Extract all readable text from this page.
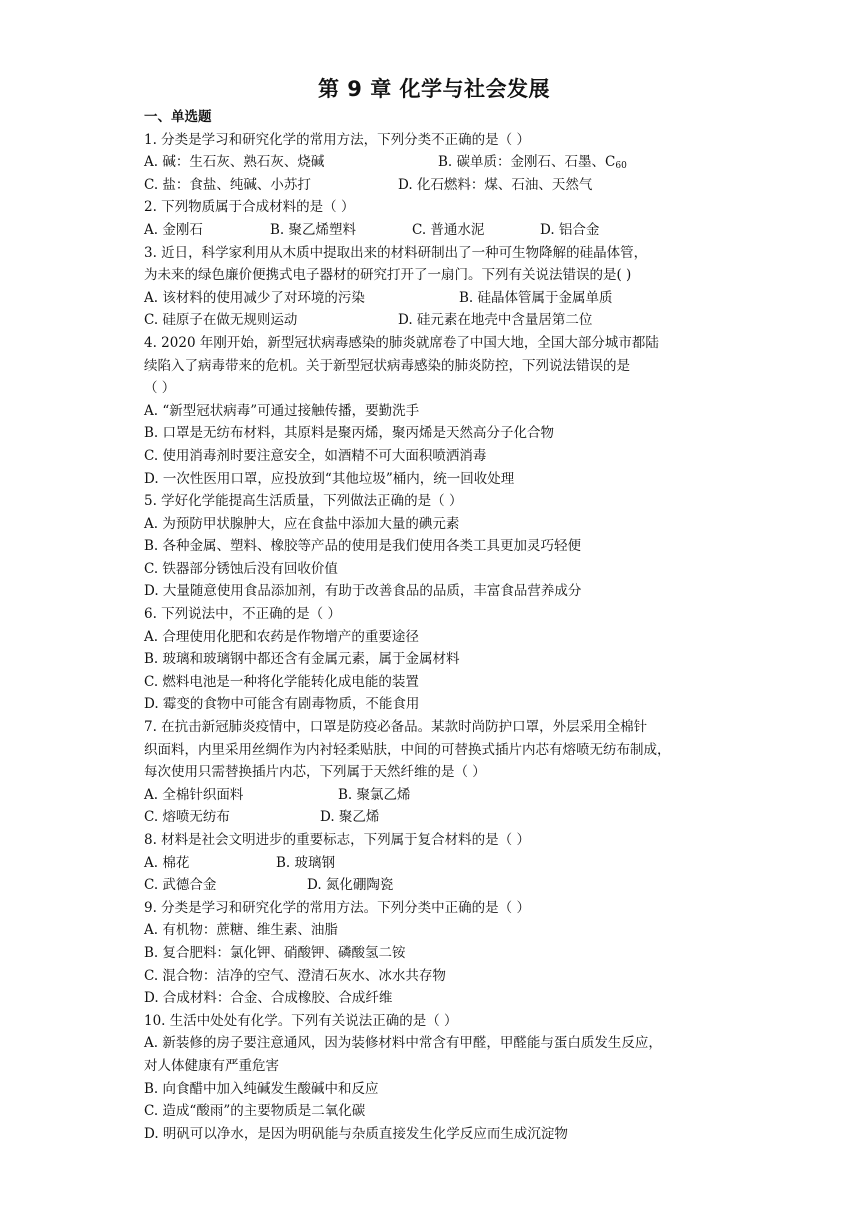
第 9 章 化学与社会发展
一、单选题
1. 分类是学习和研究化学的常用方法，下列分类不正确的是（ ）
A. 碱：生石灰、熟石灰、烧碱	B. 碳单质：金刚石、石墨、$C_{60}$
C. 盐：食盐、纯碱、小苏打	D. 化石燃料：煤、石油、天然气
2. 下列物质属于合成材料的是（ ）
A. 金刚石	B. 聚乙烯塑料	C. 普通水泥	D. 铝合金
3. 近日，科学家利用从木质中提取出来的材料研制出了一种可生物降解的硅晶体管，
为未来的绿色廉价便携式电子器材的研究打开了一扇门。下列有关说法错误的是( )
A. 该材料的使用减少了对环境的污染	B. 硅晶体管属于金属单质
C. 硅原子在做无规则运动	D. 硅元素在地壳中含量居第二位
4. 2020 年刚开始，新型冠状病毒感染的肺炎就席卷了中国大地，全国大部分城市都陆
续陷入了病毒带来的危机。关于新型冠状病毒感染的肺炎防控，下列说法错误的是
（ ）
A. “新型冠状病毒”可通过接触传播，要勤洗手
B. 口罩是无纺布材料，其原料是聚丙烯，聚丙烯是天然高分子化合物
C. 使用消毒剂时要注意安全，如酒精不可大面积喷洒消毒
D. 一次性医用口罩，应投放到“其他垃圾”桶内，统一回收处理
5. 学好化学能提高生活质量，下列做法正确的是（ ）
A. 为预防甲状腺肿大，应在食盐中添加大量的碘元素
B. 各种金属、塑料、橡胶等产品的使用是我们使用各类工具更加灵巧轻便
C. 铁器部分锈蚀后没有回收价值
D. 大量随意使用食品添加剂，有助于改善食品的品质，丰富食品营养成分
6. 下列说法中，不正确的是（ ）
A. 合理使用化肥和农药是作物增产的重要途径
B. 玻璃和玻璃钢中都还含有金属元素，属于金属材料
C. 燃料电池是一种将化学能转化成电能的装置
D. 霉变的食物中可能含有剧毒物质，不能食用
7. 在抗击新冠肺炎疫情中，口罩是防疫必备品。某款时尚防护口罩，外层采用全棉针
织面料，内里采用丝绸作为内衬轻柔贴肤，中间的可替换式插片内芯有熔喷无纺布制成，
每次使用只需替换插片内芯，下列属于天然纤维的是（ ）
A. 全棉针织面料	B. 聚氯乙烯
C. 熔喷无纺布	D. 聚乙烯
8. 材料是社会文明进步的重要标志，下列属于复合材料的是（ ）
A. 棉花	B. 玻璃钢
C. 武德合金	D. 氮化硼陶瓷
9. 分类是学习和研究化学的常用方法。下列分类中正确的是（ ）
A. 有机物：蔗糖、维生素、油脂
B. 复合肥料：氯化钾、硝酸钾、磷酸氢二铵
C. 混合物：洁净的空气、澄清石灰水、冰水共存物
D. 合成材料：合金、合成橡胶、合成纤维
10. 生活中处处有化学。下列有关说法正确的是（ ）
A. 新装修的房子要注意通风，因为装修材料中常含有甲醛，甲醛能与蛋白质发生反应，
对人体健康有严重危害
B. 向食醋中加入纯碱发生酸碱中和反应
C. 造成“酸雨”的主要物质是二氧化碳
D. 明矾可以净水，是因为明矾能与杂质直接发生化学反应而生成沉淀物
